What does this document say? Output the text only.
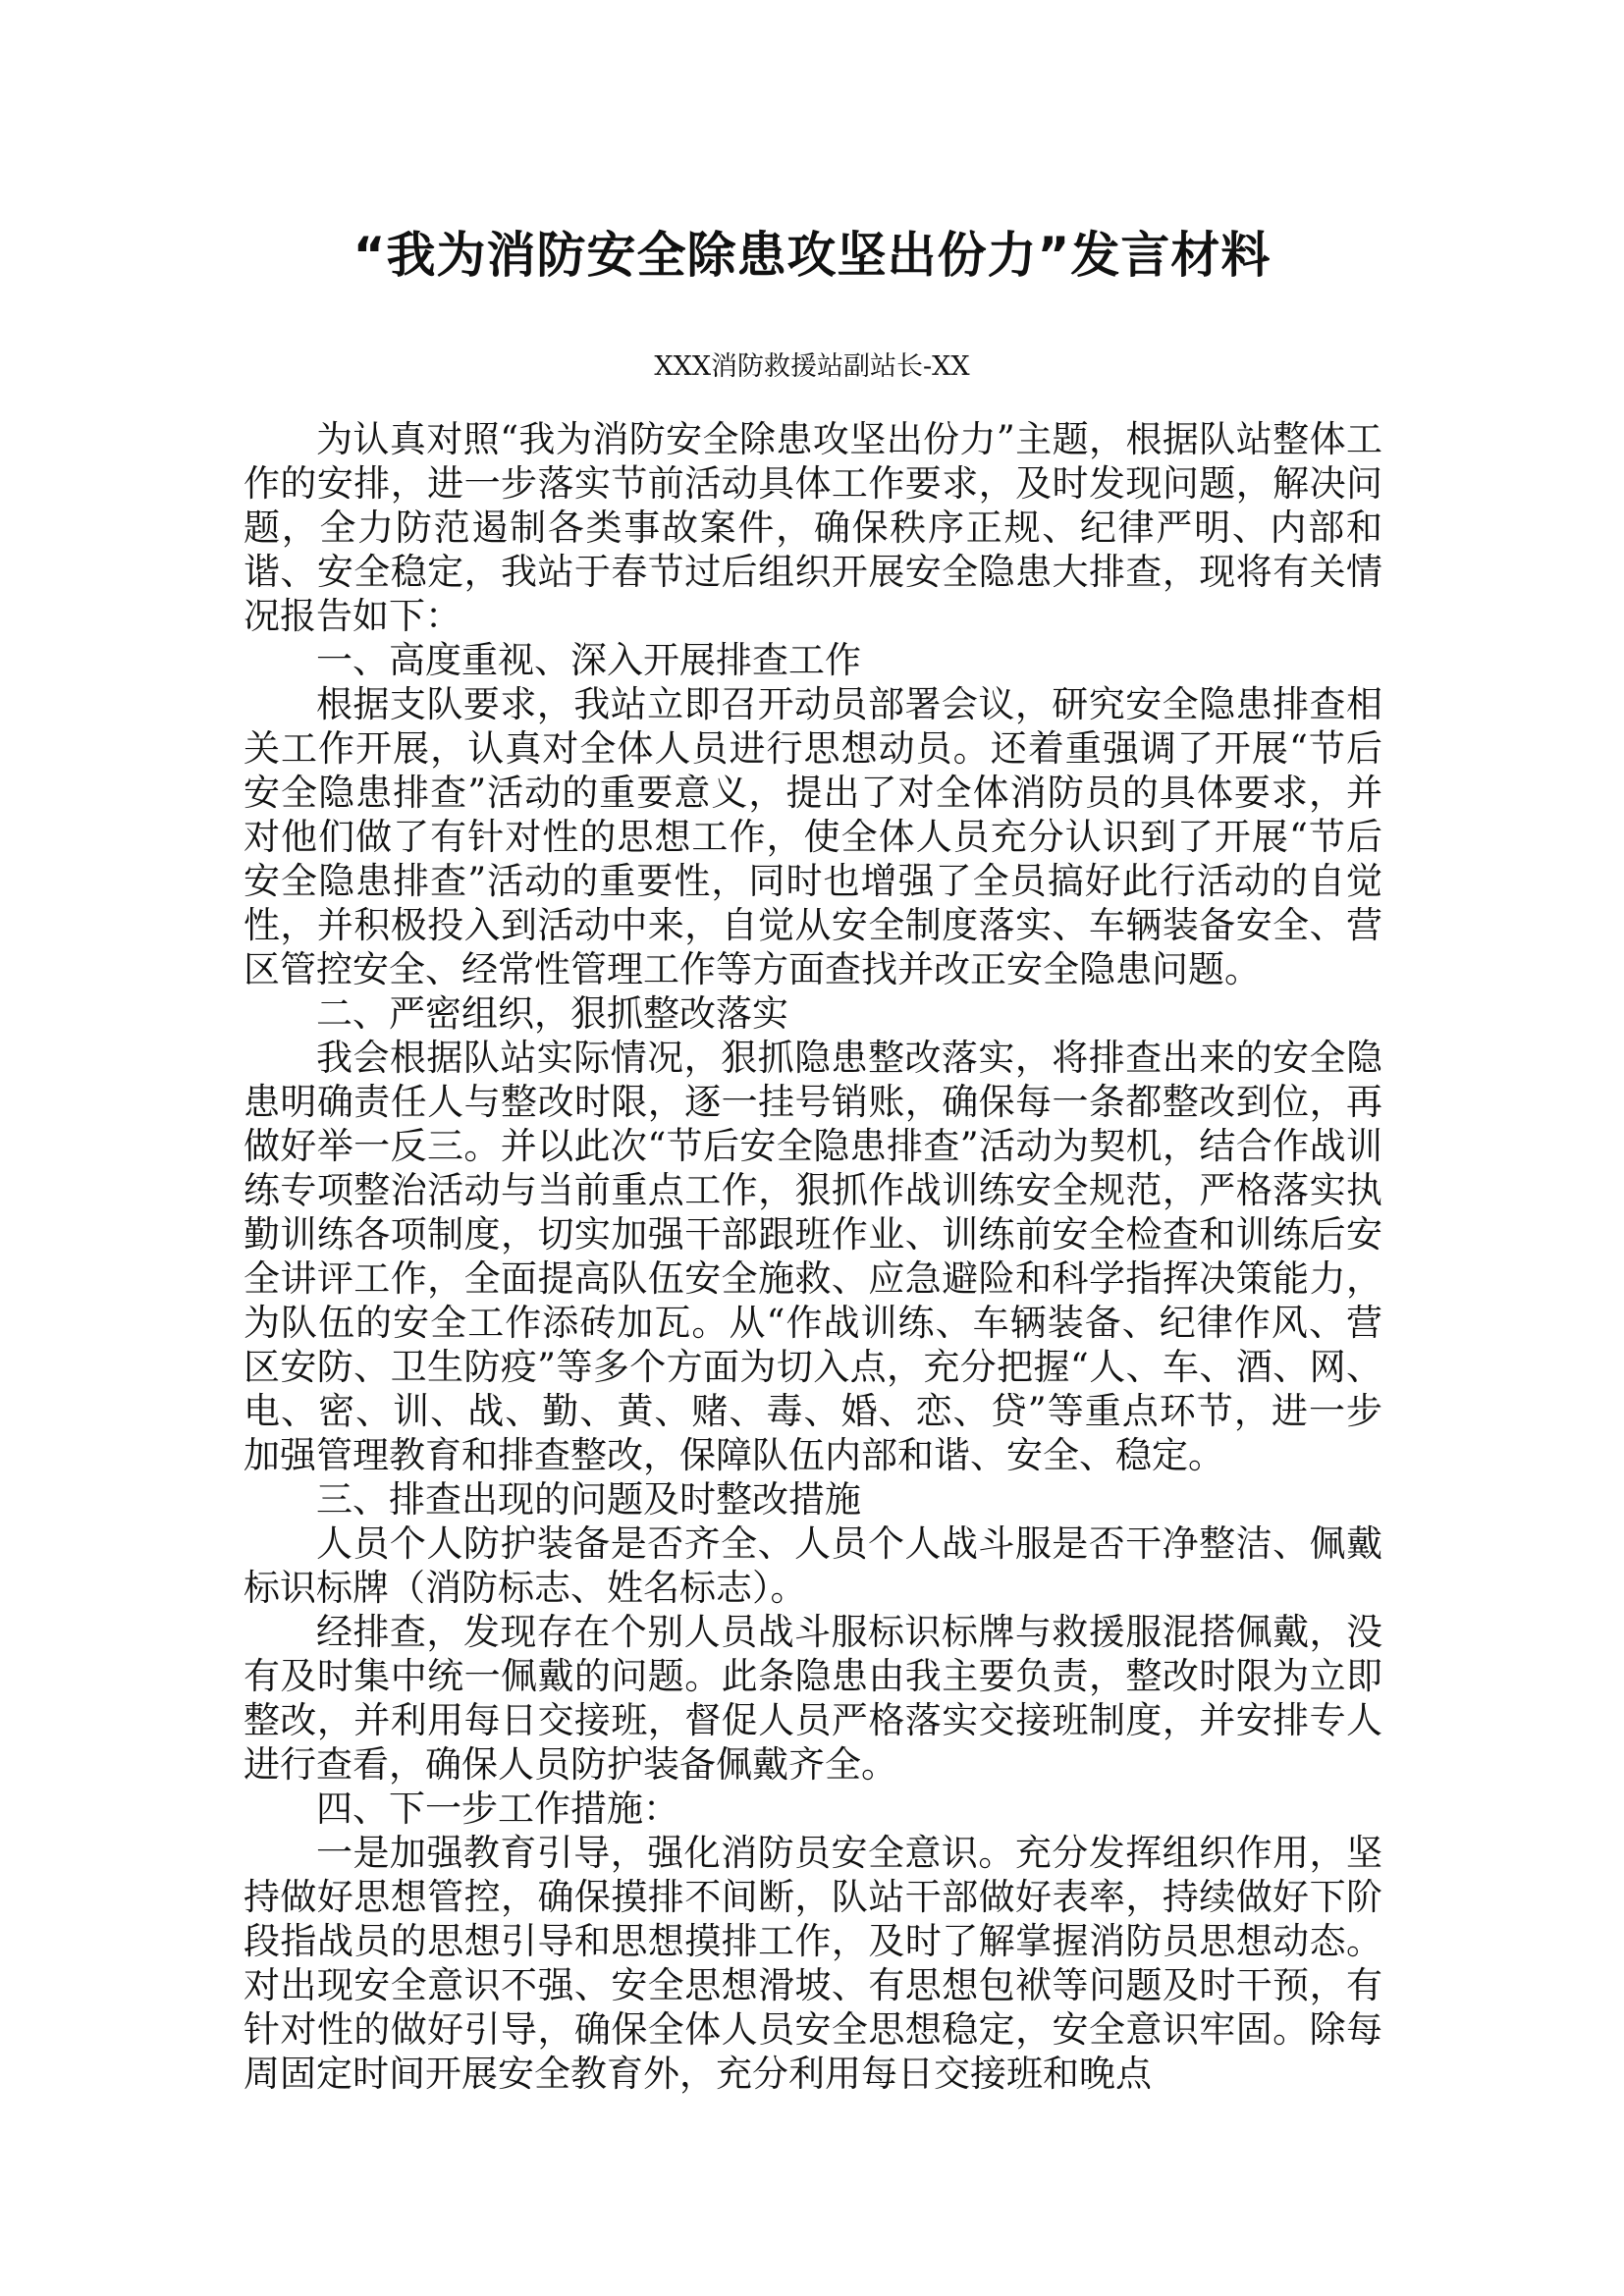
“我为消防安全除患攻坚出份力”发言材料

XXX消防救援站副站长-XX

为认真对照“我为消防安全除患攻坚出份力”主题，根据队站整体工作的安排，进一步落实节前活动具体工作要求，及时发现问题，解决问题，全力防范遏制各类事故案件，确保秩序正规、纪律严明、内部和谐、安全稳定，我站于春节过后组织开展安全隐患大排查，现将有关情况报告如下：

一、高度重视、深入开展排查工作

根据支队要求，我站立即召开动员部署会议，研究安全隐患排查相关工作开展，认真对全体人员进行思想动员。还着重强调了开展“节后安全隐患排查”活动的重要意义，提出了对全体消防员的具体要求，并对他们做了有针对性的思想工作，使全体人员充分认识到了开展“节后安全隐患排查”活动的重要性，同时也增强了全员搞好此行活动的自觉性，并积极投入到活动中来，自觉从安全制度落实、车辆装备安全、营区管控安全、经常性管理工作等方面查找并改正安全隐患问题。

二、严密组织，狠抓整改落实

我会根据队站实际情况，狠抓隐患整改落实，将排查出来的安全隐患明确责任人与整改时限，逐一挂号销账，确保每一条都整改到位，再做好举一反三。并以此次“节后安全隐患排查”活动为契机，结合作战训练专项整治活动与当前重点工作，狠抓作战训练安全规范，严格落实执勤训练各项制度，切实加强干部跟班作业、训练前安全检查和训练后安全讲评工作，全面提高队伍安全施救、应急避险和科学指挥决策能力，为队伍的安全工作添砖加瓦。从“作战训练、车辆装备、纪律作风、营区安防、卫生防疫”等多个方面为切入点，充分把握“人、车、酒、网、电、密、训、战、勤、黄、赌、毒、婚、恋、贷”等重点环节，进一步加强管理教育和排查整改，保障队伍内部和谐、安全、稳定。

三、排查出现的问题及时整改措施

人员个人防护装备是否齐全、人员个人战斗服是否干净整洁、佩戴标识标牌（消防标志、姓名标志）。

经排查，发现存在个别人员战斗服标识标牌与救援服混搭佩戴，没有及时集中统一佩戴的问题。此条隐患由我主要负责，整改时限为立即整改，并利用每日交接班，督促人员严格落实交接班制度，并安排专人进行查看，确保人员防护装备佩戴齐全。

四、下一步工作措施：

一是加强教育引导，强化消防员安全意识。充分发挥组织作用，坚持做好思想管控，确保摸排不间断，队站干部做好表率，持续做好下阶段指战员的思想引导和思想摸排工作，及时了解掌握消防员思想动态。对出现安全意识不强、安全思想滑坡、有思想包袱等问题及时干预，有针对性的做好引导，确保全体人员安全思想稳定，安全意识牢固。除每周固定时间开展安全教育外，充分利用每日交接班和晚点
